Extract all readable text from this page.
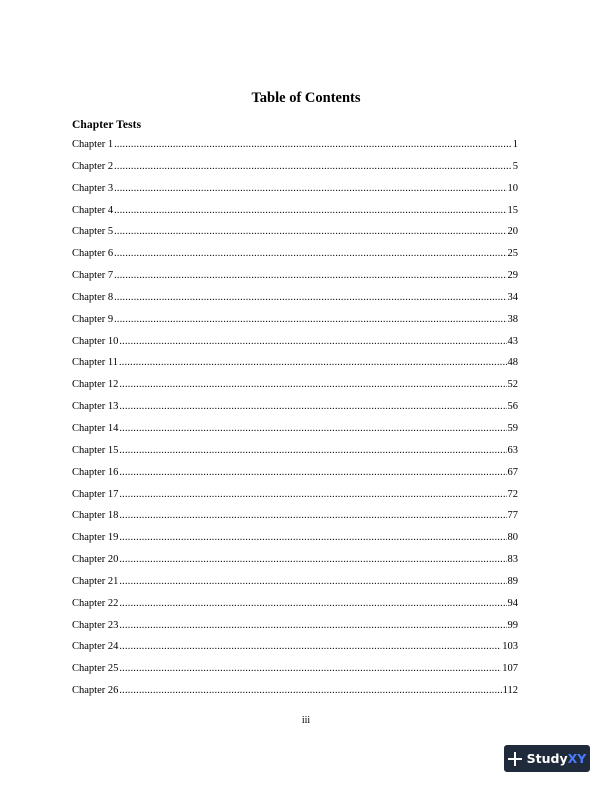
Table of Contents
Chapter Tests
Chapter 1 .....	1
Chapter 2 .....	5
Chapter 3 .....	10
Chapter 4 .....	15
Chapter 5 .....	20
Chapter 6 .....	25
Chapter 7 .....	29
Chapter 8 .....	34
Chapter 9 .....	38
Chapter 10 .....	43
Chapter 11 .....	48
Chapter 12 .....	52
Chapter 13 .....	56
Chapter 14 .....	59
Chapter 15 .....	63
Chapter 16 .....	67
Chapter 17 .....	72
Chapter 18 .....	77
Chapter 19 .....	80
Chapter 20 .....	83
Chapter 21 .....	89
Chapter 22 .....	94
Chapter 23 .....	99
Chapter 24 .....	103
Chapter 25 .....	107
Chapter 26 .....	112
iii
Study XY
